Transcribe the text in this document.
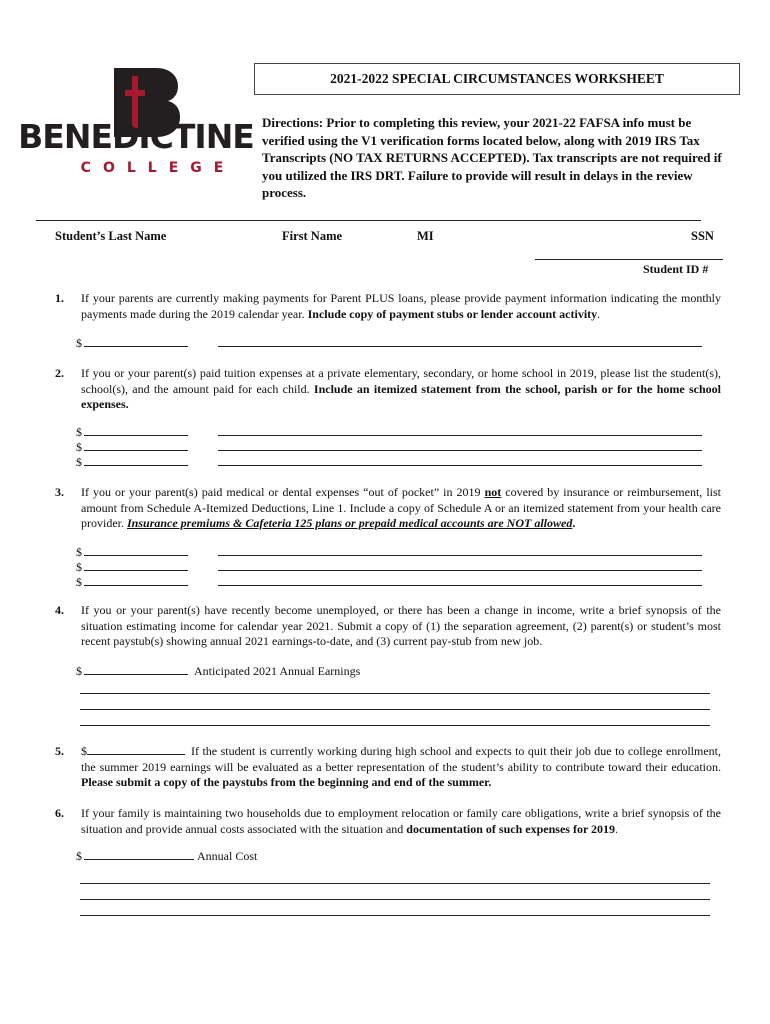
BENEDICTINE
COLLEGE
2021-2022 SPECIAL CIRCUMSTANCES WORKSHEET
Directions: Prior to completing this review, your 2021-22 FAFSA info must be verified using the V1 verification forms located below, along with 2019 IRS Tax Transcripts (NO TAX RETURNS ACCEPTED). Tax transcripts are not required if you utilized the IRS DRT. Failure to provide will result in delays in the review process.
Student’s Last Name	First Name	MI	SSN
Student ID #
1. If your parents are currently making payments for Parent PLUS loans, please provide payment information indicating the monthly payments made during the 2019 calendar year. Include copy of payment stubs or lender account activity.
$
2. If you or your parent(s) paid tuition expenses at a private elementary, secondary, or home school in 2019, please list the student(s), school(s), and the amount paid for each child. Include an itemized statement from the school, parish or for the home school expenses.
$
$
$
3. If you or your parent(s) paid medical or dental expenses “out of pocket” in 2019 not covered by insurance or reimbursement, list amount from Schedule A-Itemized Deductions, Line 1. Include a copy of Schedule A or an itemized statement from your health care provider. Insurance premiums & Cafeteria 125 plans or prepaid medical accounts are NOT allowed.
$
$
$
4. If you or your parent(s) have recently become unemployed, or there has been a change in income, write a brief synopsis of the situation estimating income for calendar year 2021. Submit a copy of (1) the separation agreement, (2) parent(s) or student’s most recent paystub(s) showing annual 2021 earnings-to-date, and (3) current pay-stub from new job.
$	Anticipated 2021 Annual Earnings
5. $	If the student is currently working during high school and expects to quit their job due to college enrollment, the summer 2019 earnings will be evaluated as a better representation of the student’s ability to contribute toward their education. Please submit a copy of the paystubs from the beginning and end of the summer.
6. If your family is maintaining two households due to employment relocation or family care obligations, write a brief synopsis of the situation and provide annual costs associated with the situation and documentation of such expenses for 2019.
$	Annual Cost
